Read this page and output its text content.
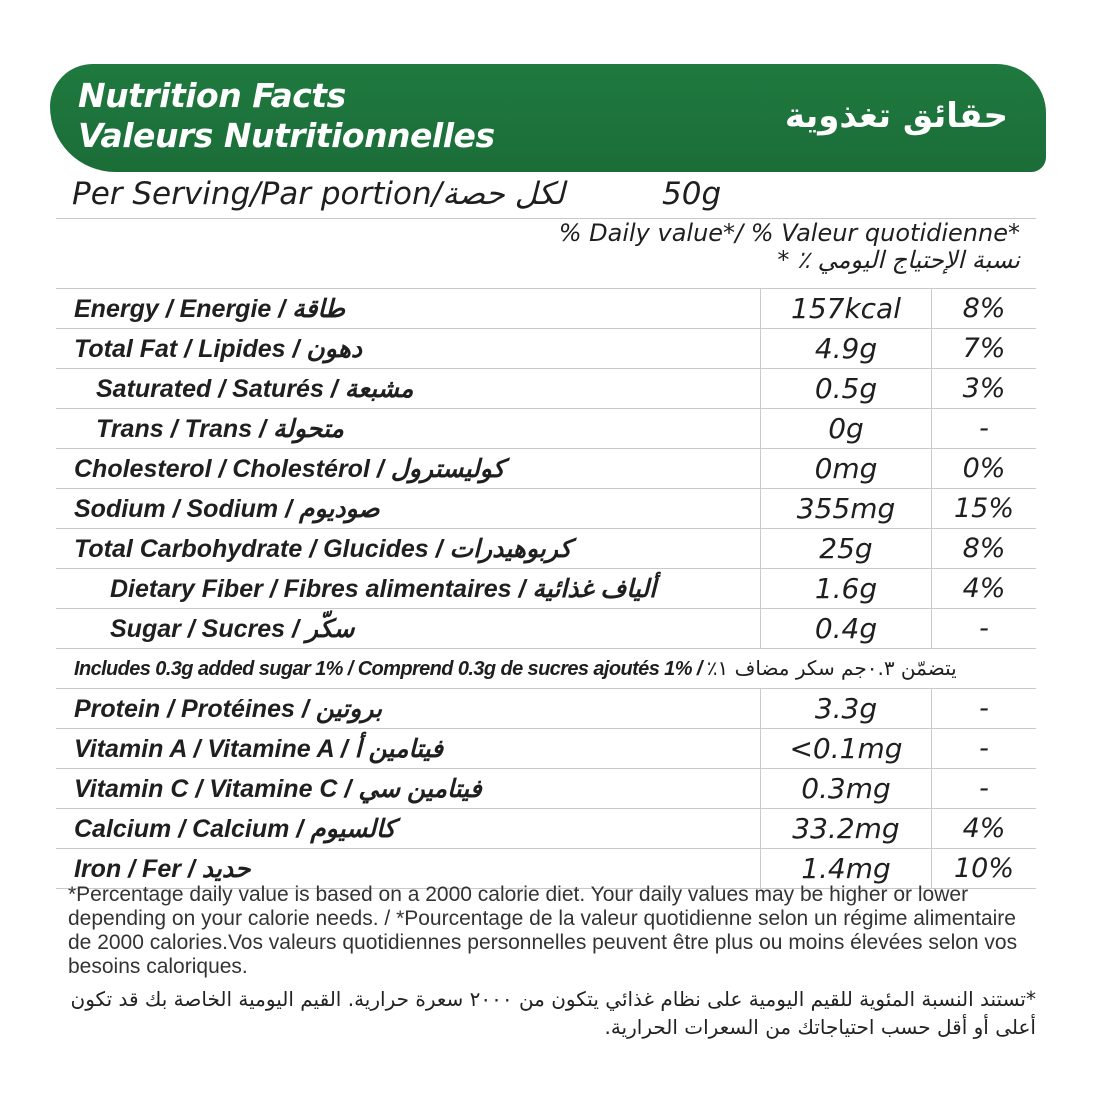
Nutrition Facts
Valeurs Nutritionnelles	حقائق تغذوية
Per Serving/Par portion/لكل حصة	50g
% Daily value*/ % Valeur quotidienne*
نسبة الإحتياج اليومي ٪ *
Energy / Energie / طاقة	157kcal	8%
Total Fat / Lipides / دهون	4.9g	7%
Saturated / Saturés / مشبعة	0.5g	3%
Trans / Trans / متحولة	0g	-
Cholesterol / Cholestérol / كوليسترول	0mg	0%
Sodium / Sodium / صوديوم	355mg	15%
Total Carbohydrate / Glucides / كربوهيدرات	25g	8%
Dietary Fiber / Fibres alimentaires / ألياف غذائية	1.6g	4%
Sugar / Sucres / سكّر	0.4g	-
Includes 0.3g added sugar 1% / Comprend 0.3g de sucres ajoutés 1% / يتضمّن ٠.٣جم سكر مضاف ١٪		
Protein / Protéines / بروتين	3.3g	-
Vitamin A / Vitamine A / فيتامين أ	<0.1mg	-
Vitamin C / Vitamine C / فيتامين سي	0.3mg	-
Calcium / Calcium / كالسيوم	33.2mg	4%
Iron / Fer / حديد	1.4mg	10%
*Percentage daily value is based on a 2000 calorie diet. Your daily values may be higher or lower depending on your calorie needs. / *Pourcentage de la valeur quotidienne selon un régime alimentaire de 2000 calories.Vos valeurs quotidiennes personnelles peuvent être plus ou moins élevées selon vos besoins caloriques.
*تستند النسبة المئوية للقيم اليومية على نظام غذائي يتكون من ٢٠٠٠ سعرة حرارية. القيم اليومية الخاصة بك قد تكون أعلى أو أقل حسب احتياجاتك من السعرات الحرارية.
